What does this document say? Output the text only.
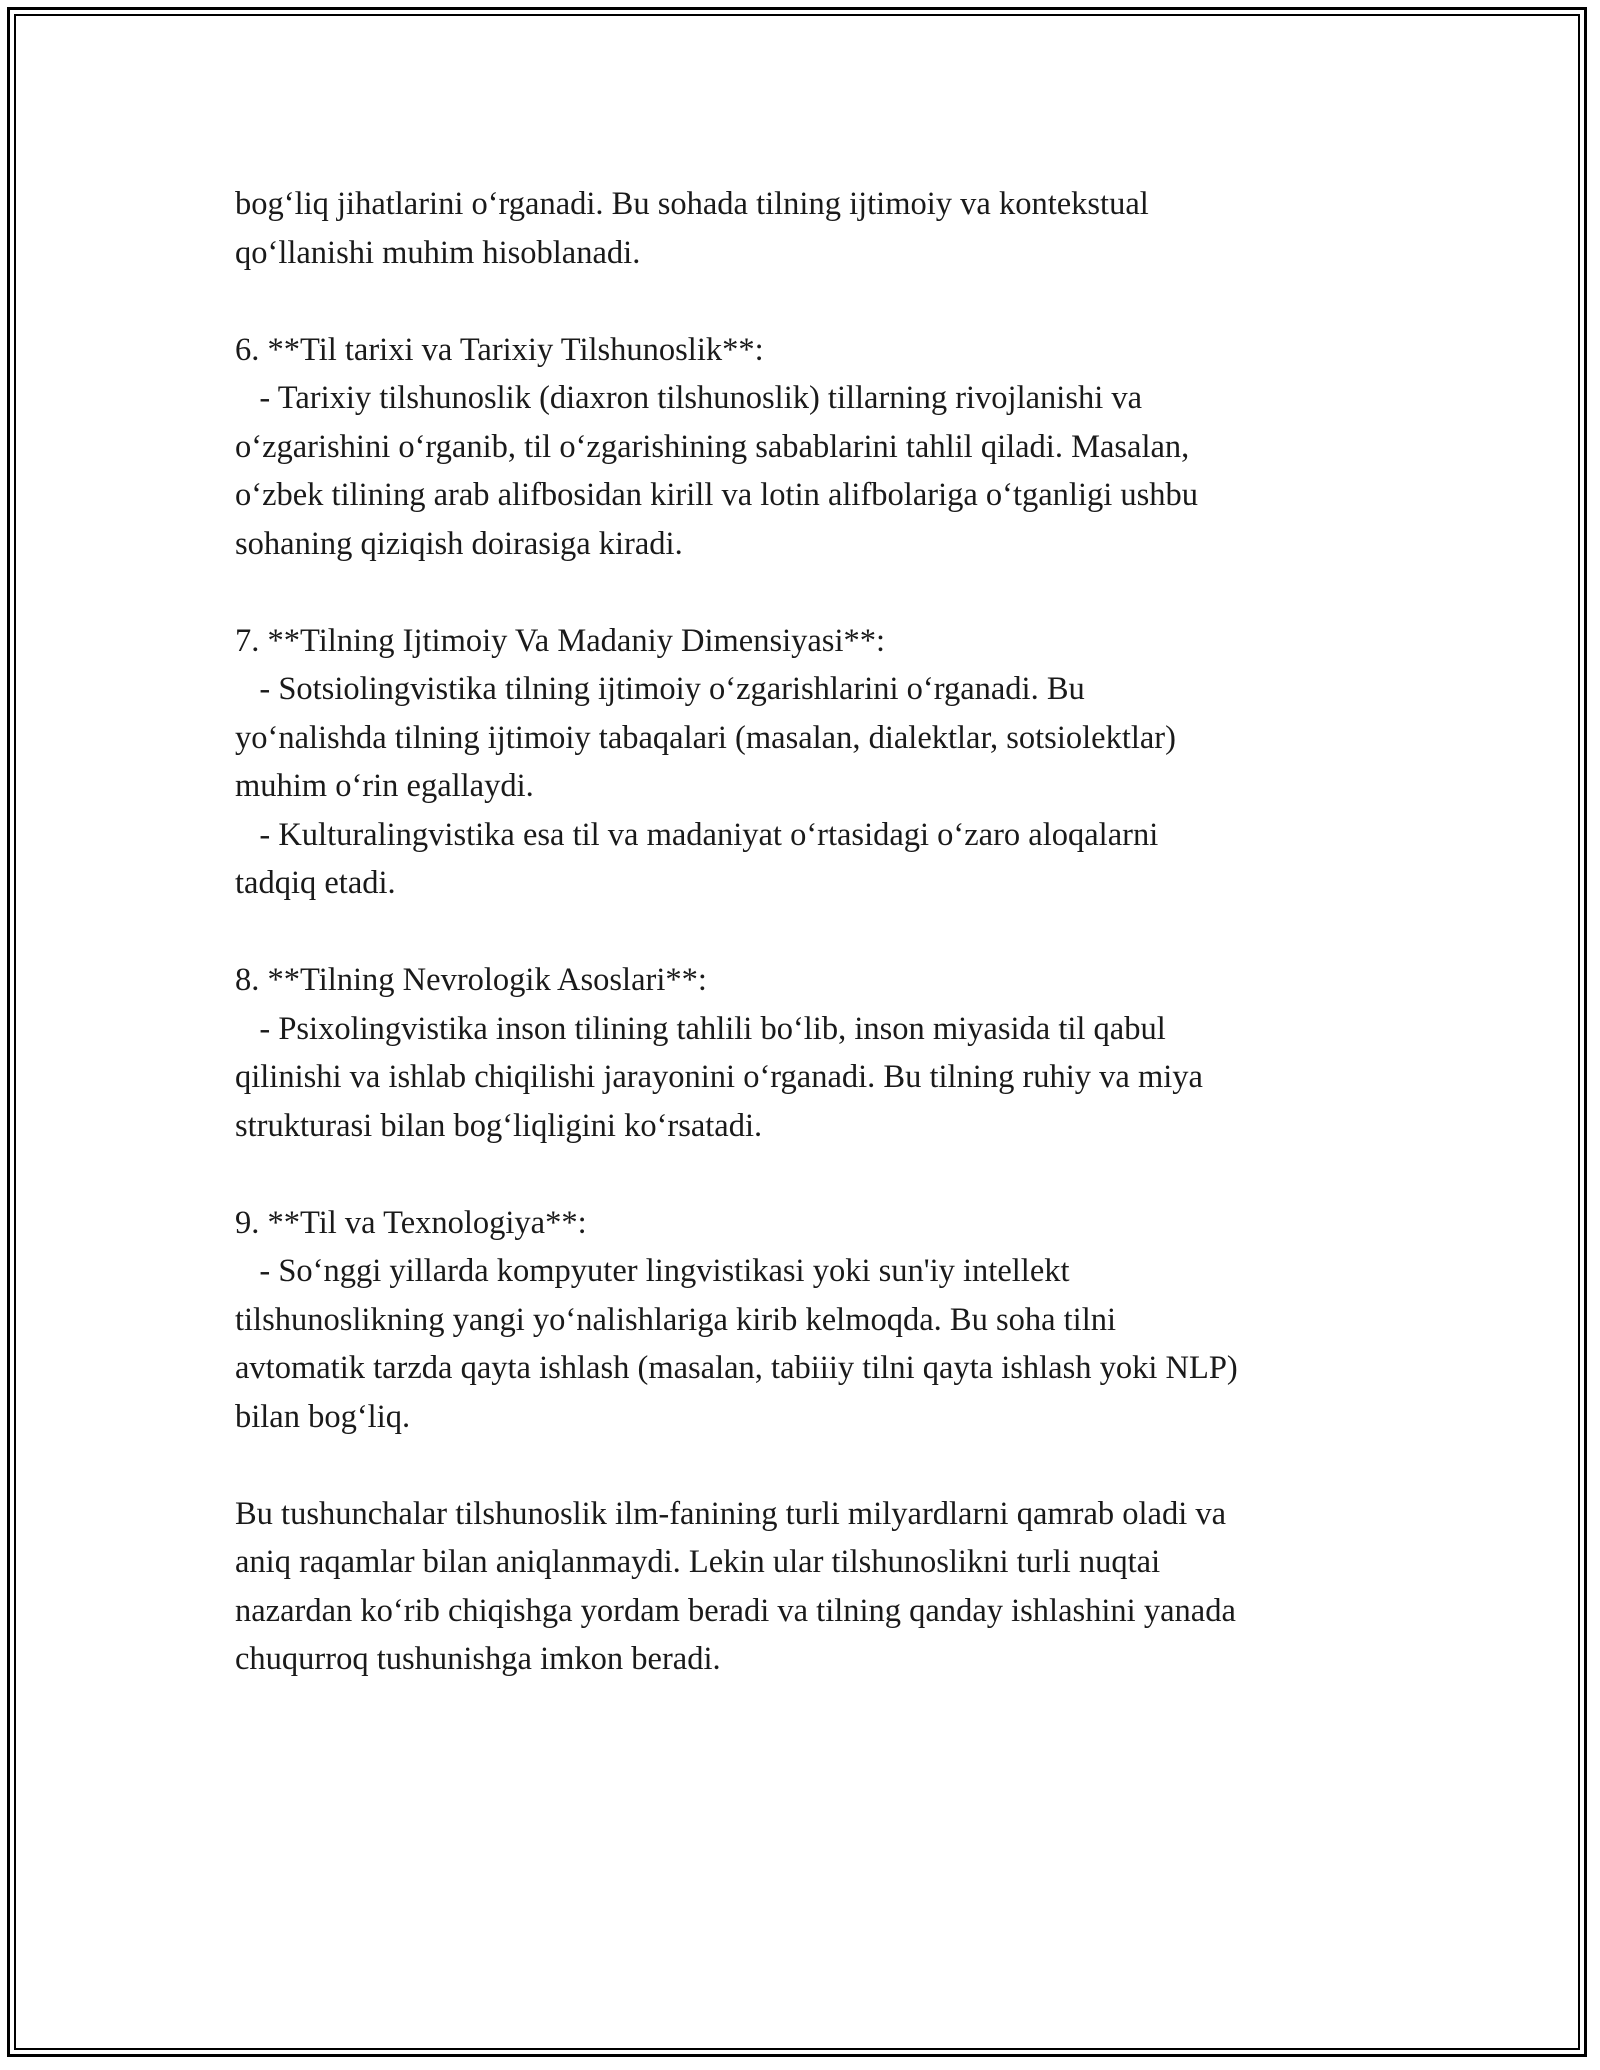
bog‘liq jihatlarini o‘rganadi. Bu sohada tilning ijtimoiy va kontekstual
qo‘llanishi muhim hisoblanadi.
6. **Til tarixi va Tarixiy Tilshunoslik**:
- Tarixiy tilshunoslik (diaxron tilshunoslik) tillarning rivojlanishi va
o‘zgarishini o‘rganib, til o‘zgarishining sabablarini tahlil qiladi. Masalan,
o‘zbek tilining arab alifbosidan kirill va lotin alifbolariga o‘tganligi ushbu
sohaning qiziqish doirasiga kiradi.
7. **Tilning Ijtimoiy Va Madaniy Dimensiyasi**:
- Sotsiolingvistika tilning ijtimoiy o‘zgarishlarini o‘rganadi. Bu
yo‘nalishda tilning ijtimoiy tabaqalari (masalan, dialektlar, sotsiolektlar)
muhim o‘rin egallaydi.
- Kulturalingvistika esa til va madaniyat o‘rtasidagi o‘zaro aloqalarni
tadqiq etadi.
8. **Tilning Nevrologik Asoslari**:
- Psixolingvistika inson tilining tahlili bo‘lib, inson miyasida til qabul
qilinishi va ishlab chiqilishi jarayonini o‘rganadi. Bu tilning ruhiy va miya
strukturasi bilan bog‘liqligini ko‘rsatadi.
9. **Til va Texnologiya**:
- So‘nggi yillarda kompyuter lingvistikasi yoki sun'iy intellekt
tilshunoslikning yangi yo‘nalishlariga kirib kelmoqda. Bu soha tilni
avtomatik tarzda qayta ishlash (masalan, tabiiiy tilni qayta ishlash yoki NLP)
bilan bog‘liq.
Bu tushunchalar tilshunoslik ilm-fanining turli milyardlarni qamrab oladi va
aniq raqamlar bilan aniqlanmaydi. Lekin ular tilshunoslikni turli nuqtai
nazardan ko‘rib chiqishga yordam beradi va tilning qanday ishlashini yanada
chuqurroq tushunishga imkon beradi.
